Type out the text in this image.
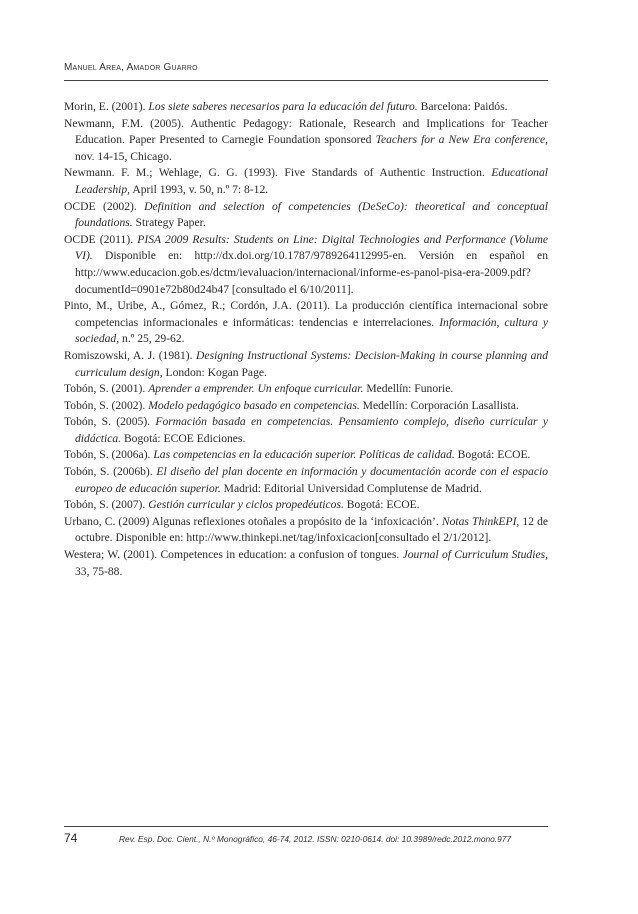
Manuel Area, Amador Guarro

Morin, E. (2001). Los siete saberes necesarios para la educación del futuro. Barcelona: Paidós.

Newmann, F.M. (2005). Authentic Pedagogy: Rationale, Research and Implications for Teacher Education. Paper Presented to Carnegie Foundation sponsored Teachers for a New Era conference, nov. 14-15, Chicago.

Newmann. F. M.; Wehlage, G. G. (1993). Five Standards of Authentic Instruction. Educational Leadership, April 1993, v. 50, n.º 7: 8-12.

OCDE (2002). Definition and selection of competencies (DeSeCo): theoretical and conceptual foundations. Strategy Paper.

OCDE (2011). PISA 2009 Results: Students on Line: Digital Technologies and Performance (Volume VI). Disponible en: http://dx.doi.org/10.1787/9789264112995-en. Versión en español en http://www.educacion.gob.es/dctm/ievaluacion/internacional/informe-es-panol-pisa-era-2009.pdf?documentId=0901e72b80d24b47 [consultado el 6/10/2011].

Pinto, M., Uribe, A., Gómez, R.; Cordón, J.A. (2011). La producción científica internacional sobre competencias informacionales e informáticas: tendencias e interrelaciones. Información, cultura y sociedad, n.º 25, 29-62.

Romiszowski, A. J. (1981). Designing Instructional Systems: Decision-Making in course planning and curriculum design, London: Kogan Page.

Tobón, S. (2001). Aprender a emprender. Un enfoque curricular. Medellín: Funorie.

Tobón, S. (2002). Modelo pedagógico basado en competencias. Medellín: Corporación Lasallista.

Tobón, S. (2005). Formación basada en competencias. Pensamiento complejo, diseño curricular y didáctica. Bogotá: ECOE Ediciones.

Tobón, S. (2006a). Las competencias en la educación superior. Políticas de calidad. Bogotá: ECOE.

Tobón, S. (2006b). El diseño del plan docente en información y documentación acorde con el espacio europeo de educación superior. Madrid: Editorial Universidad Complutense de Madrid.

Tobón, S. (2007). Gestión curricular y ciclos propedéuticos. Bogotá: ECOE.

Urbano, C. (2009) Algunas reflexiones otoñales a propósito de la ‘infoxicación’. Notas ThinkEPI, 12 de octubre. Disponible en: http://www.thinkepi.net/tag/infoxicacion[consultado el 2/1/2012].

Westera; W. (2001). Competences in education: a confusion of tongues. Journal of Curriculum Studies, 33, 75-88.

74	Rev. Esp. Doc. Cient., N.º Monográfico, 46-74, 2012. ISSN: 0210-0614. doi: 10.3989/redc.2012.mono.977
